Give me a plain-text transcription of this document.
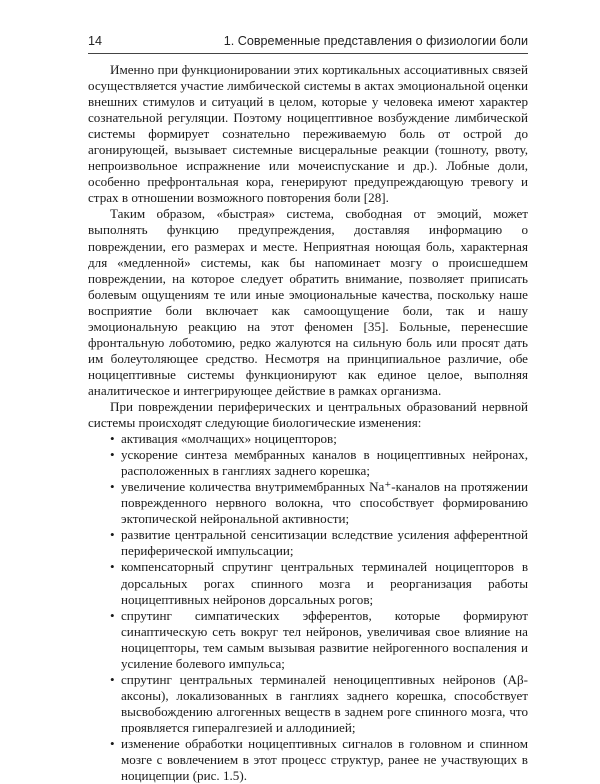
14	1. Современные представления о физиологии боли

Именно при функционировании этих кортикальных ассоциативных связей осуществляется участие лимбической системы в актах эмоциональной оценки внешних стимулов и ситуаций в целом, которые у человека имеют характер сознательной регуляции. Поэтому ноцицептивное возбуждение лимбической системы формирует сознательно переживаемую боль от острой до агонирующей, вызывает системные висцеральные реакции (тошноту, рвоту, непроизвольное испражнение или мочеиспускание и др.). Лобные доли, особенно префронтальная кора, генерируют предупреждающую тревогу и страх в отношении возможного повторения боли [28].

Таким образом, «быстрая» система, свободная от эмоций, может выполнять функцию предупреждения, доставляя информацию о повреждении, его размерах и месте. Неприятная ноющая боль, характерная для «медленной» системы, как бы напоминает мозгу о происшедшем повреждении, на которое следует обратить внимание, позволяет приписать болевым ощущениям те или иные эмоциональные качества, поскольку наше восприятие боли включает как самоощущение боли, так и нашу эмоциональную реакцию на этот феномен [35]. Больные, перенесшие фронтальную лоботомию, редко жалуются на сильную боль или просят дать им болеутоляющее средство. Несмотря на принципиальное различие, обе ноцицептивные системы функционируют как единое целое, выполняя аналитическое и интегрирующее действие в рамках организма.

При повреждении периферических и центральных образований нервной системы происходят следующие биологические изменения:

• активация «молчащих» ноцицепторов;
• ускорение синтеза мембранных каналов в ноцицептивных нейронах, расположенных в ганглиях заднего корешка;
• увеличение количества внутримембранных Na⁺-каналов на протяжении поврежденного нервного волокна, что способствует формированию эктопической нейрональной активности;
• развитие центральной сенситизации вследствие усиления афферентной периферической импульсации;
• компенсаторный спрутинг центральных терминалей ноцицепторов в дорсальных рогах спинного мозга и реорганизация работы ноцицептивных нейронов дорсальных рогов;
• спрутинг симпатических эфферентов, которые формируют синаптическую сеть вокруг тел нейронов, увеличивая свое влияние на ноцицепторы, тем самым вызывая развитие нейрогенного воспаления и усиление болевого импульса;
• спрутинг центральных терминалей неноцицептивных нейронов (Aβ-аксоны), локализованных в ганглиях заднего корешка, способствует высвобождению алгогенных веществ в заднем роге спинного мозга, что проявляется гипералгезией и аллодинией;
• изменение обработки ноцицептивных сигналов в головном и спинном мозге с вовлечением в этот процесс структур, ранее не участвующих в ноцицепции (рис. 1.5).
